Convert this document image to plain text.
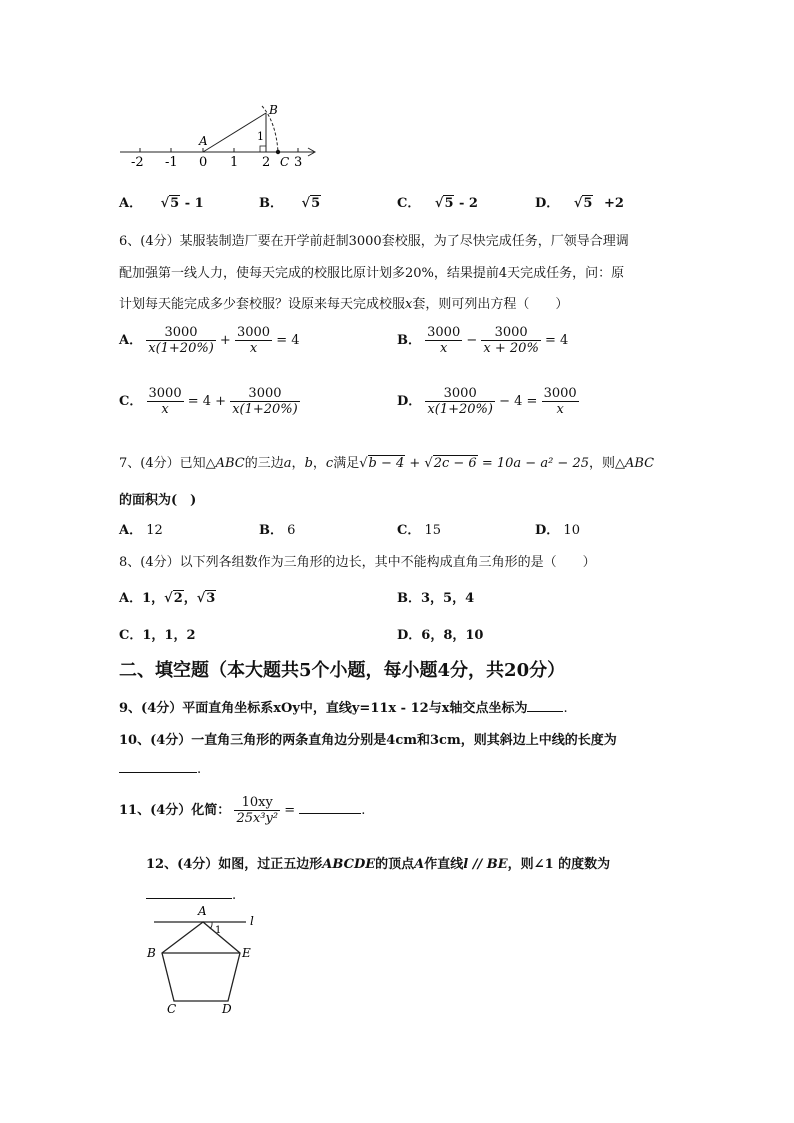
-2 -1 0 1 2 3
A
B
C
1
A． √5 - 1	B． √5	C． √5 - 2	D． √5 +2
6、(4分）某服装制造厂要在开学前赶制3000套校服，为了尽快完成任务，厂领导合理调
配加强第一线人力，使每天完成的校服比原计划多20%，结果提前4天完成任务，问：原
计划每天能完成多少套校服？设原来每天完成校服x套，则可列出方程（　　）
A． $\frac{3000}{x(1+20\%)} + \frac{3000}{x} = 4$	B． $\frac{3000}{x} - \frac{3000}{x + 20\%} = 4$
C． $\frac{3000}{x} = 4 + \frac{3000}{x(1+20\%)}$	D． $\frac{3000}{x(1+20\%)} - 4 = \frac{3000}{x}$
7、(4分）已知△ABC的三边a，b，c满足√b − 4 + √2c − 6 = 10a − a² − 25，则△ABC
的面积为(　)
A． 12	B． 6	C． 15	D． 10
8、(4分）以下列各组数作为三角形的边长，其中不能构成直角三角形的是（　　）
A．1，√2，√3	B．3，5，4
C．1，1，2	D．6，8，10
二、填空题（本大题共5个小题，每小题4分，共20分）
9、(4分）平面直角坐标系xOy中，直线y=11x - 12与x轴交点坐标为	.
10、(4分）一直角三角形的两条直角边分别是4cm和3cm，则其斜边上中线的长度为
.
11、(4分）化简： $\frac{10xy}{\text{25x³y²}}$ =	.
12、(4分）如图，过正五边形ABCDE的顶点A作直线l // BE，则∠1 的度数为
.
A
B	E
C	D
l
1
